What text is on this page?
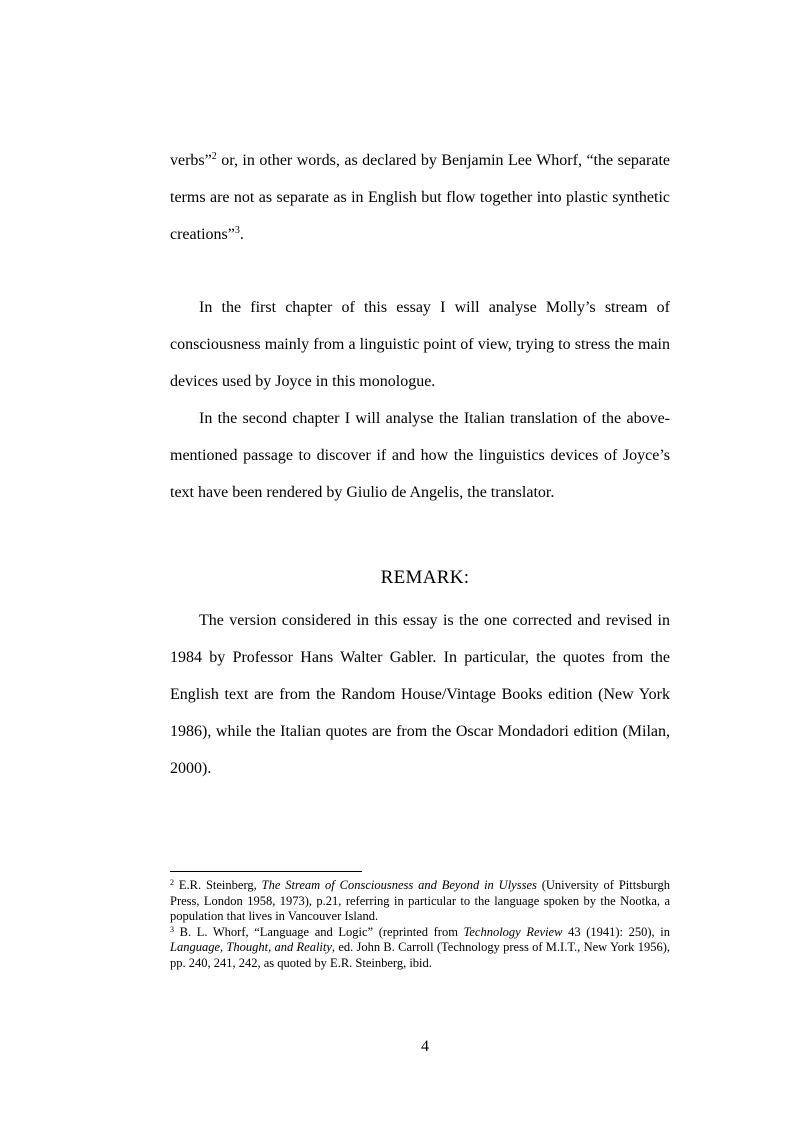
verbs”$^2$ or, in other words, as declared by Benjamin Lee Whorf, “the separate terms are not as separate as in English but flow together into plastic synthetic creations”$^3$.
In the first chapter of this essay I will analyse Molly’s stream of consciousness mainly from a linguistic point of view, trying to stress the main devices used by Joyce in this monologue.
In the second chapter I will analyse the Italian translation of the above-mentioned passage to discover if and how the linguistics devices of Joyce’s text have been rendered by Giulio de Angelis, the translator.
REMARK:
The version considered in this essay is the one corrected and revised in 1984 by Professor Hans Walter Gabler. In particular, the quotes from the English text are from the Random House/Vintage Books edition (New York 1986), while the Italian quotes are from the Oscar Mondadori edition (Milan, 2000).

$^2$ E.R. Steinberg, The Stream of Consciousness and Beyond in Ulysses (University of Pittsburgh Press, London 1958, 1973), p.21, referring in particular to the language spoken by the Nootka, a population that lives in Vancouver Island.

$^3$ B. L. Whorf, “Language and Logic” (reprinted from Technology Review 43 (1941): 250), in Language, Thought, and Reality, ed. John B. Carroll (Technology press of M.I.T., New York 1956), pp. 240, 241, 242, as quoted by E.R. Steinberg, ibid.

4
